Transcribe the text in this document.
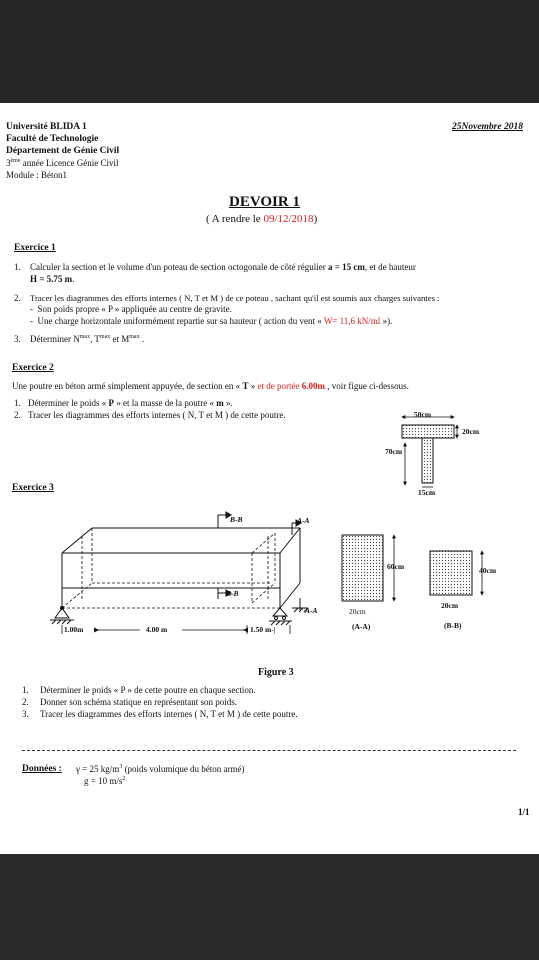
Université BLIDA 1
Faculté de Technologie
Département de Génie Civil
3ème année Licence Génie Civil
Module : Béton1
25Novembre 2018
DEVOIR 1
( A rendre le 09/12/2018)
Exercice 1
1. Calculer la section et le volume d'un poteau de section octogonale de côté régulier a = 15 cm, et de hauteur
H = 5.75 m.
2. Tracer les diagrammes des efforts internes ( N, T et M ) de ce poteau , sachant qu'il est soumis aux charges suivantes :
-  Son poids propre « P » appliquée au centre de gravite.
-  Une charge horizontale uniformément repartie sur sa hauteur ( action du vent « W= 11,6 kN/ml »).
3. Déterminer $N^{max}$, $T^{max}$ et $M^{max}$ .
Exercice 2
Une poutre en béton armé simplement appuyée, de section en « T » et de portée 6.00m , voir figue ci-dessous.
1. Déterminer le poids « P » et la masse de la poutre « m ».
2. Tracer les diagrammes des efforts internes ( N, T et M ) de cette poutre.	50cm
20cm
70cm
15cm
Exercice 3
B-B	A-A
B-B
A-A
1.00m	4.00 m	1.50 m-|
60cm
20cm
(A-A)
40cm
20cm
(B-B)
Figure 3
1. Déterminer le poids « P » de cette poutre en chaque section.
2. Donner son schéma statique en représentant son poids.
3. Tracer les diagrammes des efforts internes ( N, T et M ) de cette poutre.
Données : γ = 25 $kg/m^3$ (poids volumique du béton armé)
g = 10 $m/s^2$
1/1
